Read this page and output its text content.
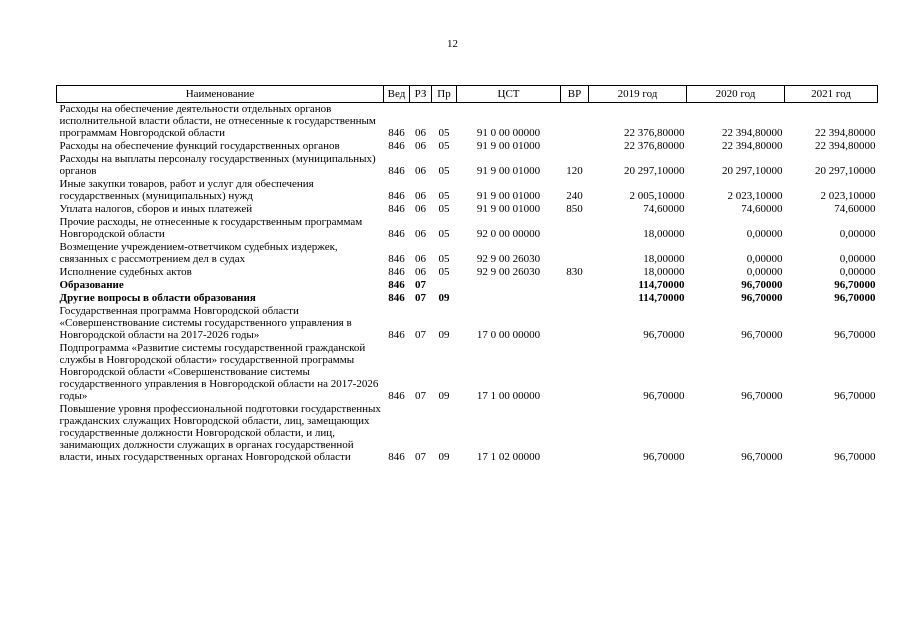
12
Наименование	Вед	РЗ	Пр	ЦСТ	ВР	2019 год	2020 год	2021 год
Расходы на обеспечение деятельности отдельных органов исполнительной власти области, не отнесенные к государственным программам Новгородской области	846	06	05	91 0 00 00000		22 376,80000	22 394,80000	22 394,80000
Расходы на обеспечение функций государственных органов	846	06	05	91 9 00 01000		22 376,80000	22 394,80000	22 394,80000
Расходы на выплаты персоналу государственных (муниципальных) органов	846	06	05	91 9 00 01000	120	20 297,10000	20 297,10000	20 297,10000
Иные закупки товаров, работ и услуг для обеспечения государственных (муниципальных) нужд	846	06	05	91 9 00 01000	240	2 005,10000	2 023,10000	2 023,10000
Уплата налогов, сборов и иных платежей	846	06	05	91 9 00 01000	850	74,60000	74,60000	74,60000
Прочие расходы, не отнесенные к государственным программам Новгородской области	846	06	05	92 0 00 00000		18,00000	0,00000	0,00000
Возмещение учреждением-ответчиком судебных издержек, связанных с рассмотрением дел в судах	846	06	05	92 9 00 26030		18,00000	0,00000	0,00000
Исполнение судебных актов	846	06	05	92 9 00 26030	830	18,00000	0,00000	0,00000
Образование	846	07				114,70000	96,70000	96,70000
Другие вопросы в области образования	846	07	09			114,70000	96,70000	96,70000
Государственная программа Новгородской области «Совершенствование системы государственного управления в Новгородской области на 2017-2026 годы»	846	07	09	17 0 00 00000		96,70000	96,70000	96,70000
Подпрограмма «Развитие системы государственной гражданской службы в Новгородской области» государственной программы Новгородской области «Совершенствование системы государственного управления в Новгородской области на 2017-2026 годы»	846	07	09	17 1 00 00000		96,70000	96,70000	96,70000
Повышение уровня профессиональной подготовки государственных гражданских служащих Новгородской области, лиц, замещающих государственные должности Новгородской области, и лиц, занимающих должности служащих в органах государственной власти, иных государственных органах Новгородской области	846	07	09	17 1 02 00000		96,70000	96,70000	96,70000
